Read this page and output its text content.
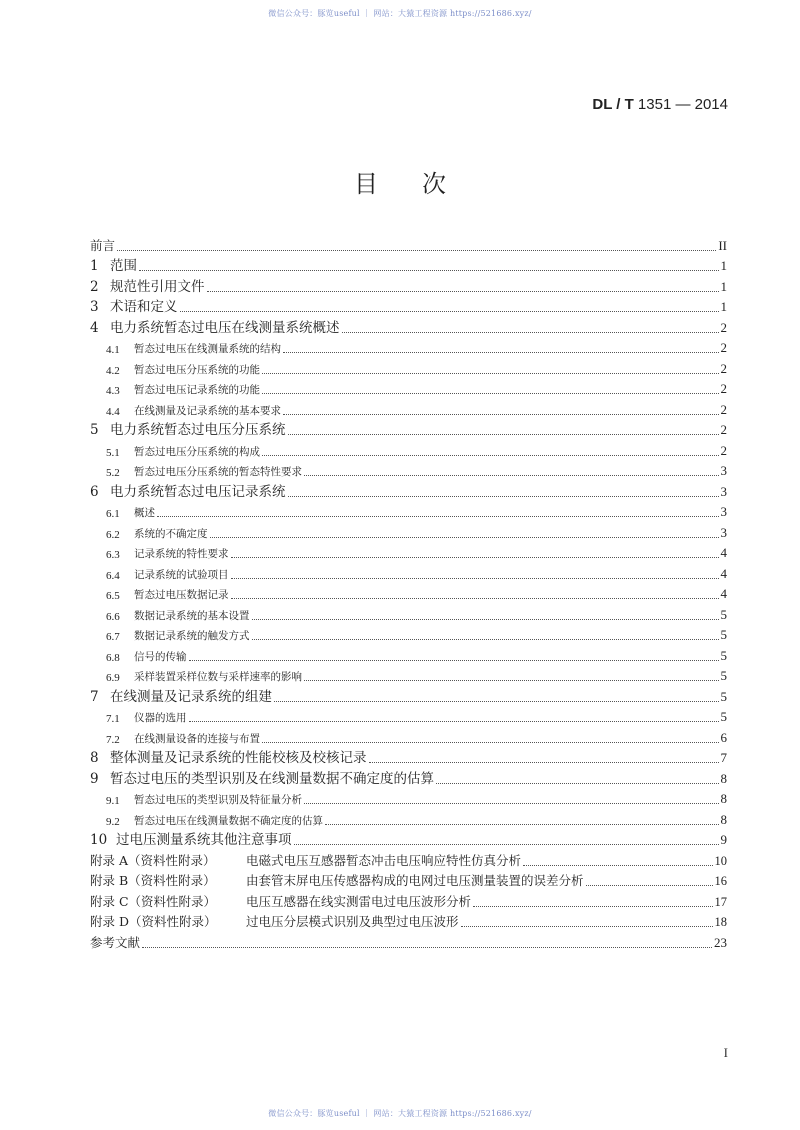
微信公众号：豚览useful ｜ 网站：大猿工程资源 https://521686.xyz/
DL / T 1351 — 2014
目次
前言	II
1 范围	1
2 规范性引用文件	1
3 术语和定义	1
4 电力系统暂态过电压在线测量系统概述	2
4.1	暂态过电压在线测量系统的结构	2
4.2	暂态过电压分压系统的功能	2
4.3	暂态过电压记录系统的功能	2
4.4	在线测量及记录系统的基本要求	2
5 电力系统暂态过电压分压系统	2
5.1	暂态过电压分压系统的构成	2
5.2	暂态过电压分压系统的暂态特性要求	3
6 电力系统暂态过电压记录系统	3
6.1	概述	3
6.2	系统的不确定度	3
6.3	记录系统的特性要求	4
6.4	记录系统的试验项目	4
6.5	暂态过电压数据记录	4
6.6	数据记录系统的基本设置	5
6.7	数据记录系统的触发方式	5
6.8	信号的传输	5
6.9	采样装置采样位数与采样速率的影响	5
7 在线测量及记录系统的组建	5
7.1	仪器的选用	5
7.2	在线测量设备的连接与布置	6
8 整体测量及记录系统的性能校核及校核记录	7
9 暂态过电压的类型识别及在线测量数据不确定度的估算	8
9.1	暂态过电压的类型识别及特征量分析	8
9.2	暂态过电压在线测量数据不确定度的估算	8
10 过电压测量系统其他注意事项	9
附录 A（资料性附录）	电磁式电压互感器暂态冲击电压响应特性仿真分析	10
附录 B（资料性附录）	由套管末屏电压传感器构成的电网过电压测量装置的误差分析	16
附录 C（资料性附录）	电压互感器在线实测雷电过电压波形分析	17
附录 D（资料性附录）	过电压分层模式识别及典型过电压波形	18
参考文献	23
I
微信公众号：豚览useful ｜ 网站：大猿工程资源 https://521686.xyz/
